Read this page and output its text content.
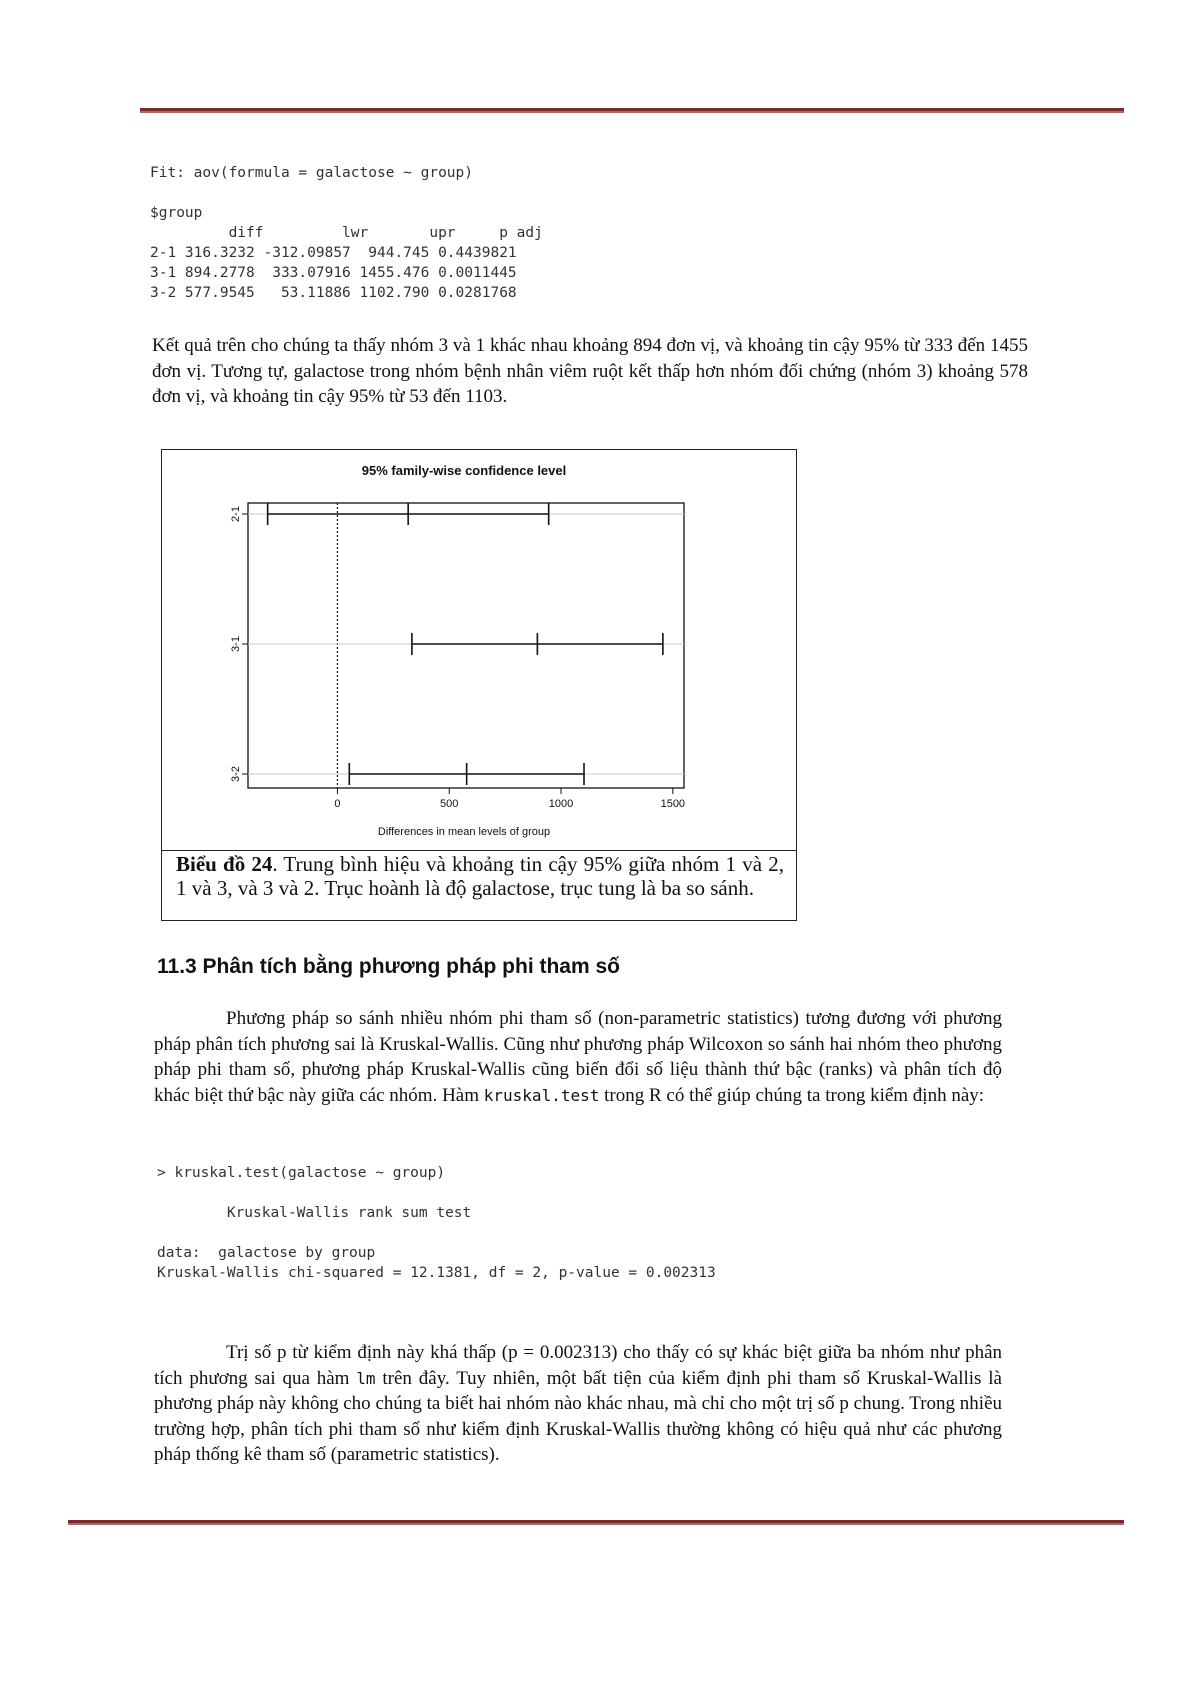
Fit: aov(formula = galactose ~ group)

$group
diff         lwr       upr     p adj
2-1 316.3232 -312.09857  944.745 0.4439821
3-1 894.2778  333.07916 1455.476 0.0011445
3-2 577.9545   53.11886 1102.790 0.0281768

Kết quả trên cho chúng ta thấy nhóm 3 và 1 khác nhau khoảng 894 đơn vị, và khoảng tin cậy 95% từ 333 đến 1455 đơn vị. Tương tự, galactose trong nhóm bệnh nhân viêm ruột kết thấp hơn nhóm đối chứng (nhóm 3) khoảng 578 đơn vị, và khoảng tin cậy 95% từ 53 đến 1103.

95% family-wise confidence level
0	500	1000	1500
2-1
3-1
3-2
Differences in mean levels of group
Biểu đồ 24. Trung bình hiệu và khoảng tin cậy 95% giữa nhóm 1 và 2, 1 và 3, và 3 và 2. Trục hoành là độ galactose, trục tung là ba so sánh.
11.3 Phân tích bằng phương pháp phi tham số

Phương pháp so sánh nhiều nhóm phi tham số (non-parametric statistics) tương đương với phương pháp phân tích phương sai là Kruskal-Wallis. Cũng như phương pháp Wilcoxon so sánh hai nhóm theo phương pháp phi tham số, phương pháp Kruskal-Wallis cũng biến đổi số liệu thành thứ bậc (ranks) và phân tích độ khác biệt thứ bậc này giữa các nhóm. Hàm kruskal.test trong R có thể giúp chúng ta trong kiểm định này:

> kruskal.test(galactose ~ group)

Kruskal-Wallis rank sum test

data:  galactose by group
Kruskal-Wallis chi-squared = 12.1381, df = 2, p-value = 0.002313

Trị số p từ kiểm định này khá thấp (p = 0.002313) cho thấy có sự khác biệt giữa ba nhóm như phân tích phương sai qua hàm lm trên đây. Tuy nhiên, một bất tiện của kiểm định phi tham số Kruskal-Wallis là phương pháp này không cho chúng ta biết hai nhóm nào khác nhau, mà chỉ cho một trị số p chung. Trong nhiều trường hợp, phân tích phi tham số như kiểm định Kruskal-Wallis thường không có hiệu quả như các phương pháp thống kê tham số (parametric statistics).
